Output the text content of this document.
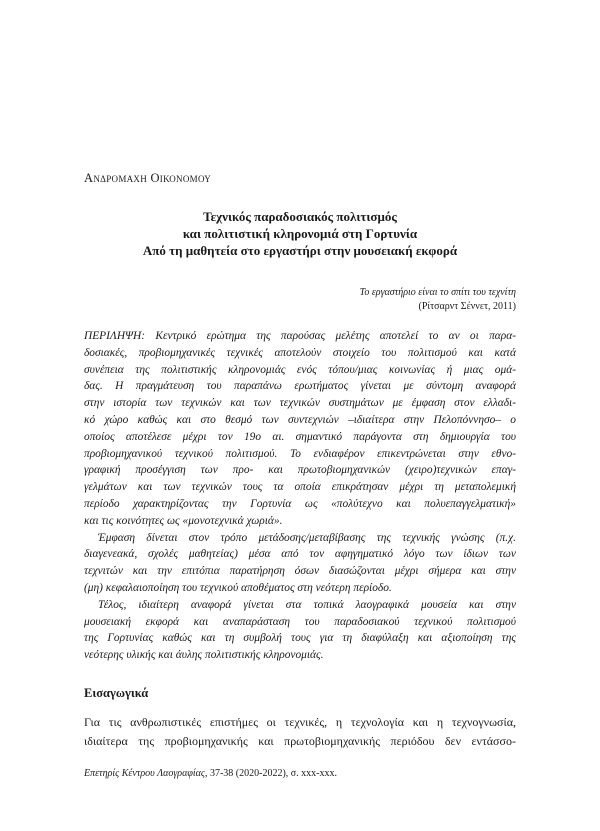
Ανδρομαχη Οικονομου
Τεχνικός παραδοσιακός πολιτισμός
και πολιτιστική κληρονομιά στη Γορτυνία
Από τη μαθητεία στο εργαστήρι στην μουσειακή εκφορά
Το εργαστήριο είναι το σπίτι του τεχνίτη
(Ρίτσαρντ Σέννετ, 2011)
ΠΕΡΙΛΗΨΗ: Κεντρικό ερώτημα της παρούσας μελέτης αποτελεί το αν οι παρα-
δοσιακές, προβιομηχανικές τεχνικές αποτελούν στοιχείο του πολιτισμού και κατά
συνέπεια της πολιτιστικής κληρονομιάς ενός τόπου/μιας κοινωνίας ή μιας ομά-
δας. Η πραγμάτευση του παραπάνω ερωτήματος γίνεται με σύντομη αναφορά
στην ιστορία των τεχνικών και των τεχνικών συστημάτων με έμφαση στον ελλαδι-
κό χώρο καθώς και στο θεσμό των συντεχνιών –ιδιαίτερα στην Πελοπόννησο– ο
οποίος αποτέλεσε μέχρι τον 19ο αι. σημαντικό παράγοντα στη δημιουργία του
προβιομηχανικού τεχνικού πολιτισμού. Το ενδιαφέρον επικεντρώνεται στην εθνο-
γραφική προσέγγιση των προ- και πρωτοβιομηχανικών (χειρο)τεχνικών επαγ-
γελμάτων και των τεχνικών τους τα οποία επικράτησαν μέχρι τη μεταπολεμική
περίοδο χαρακτηρίζοντας την Γορτυνία ως «πολύτεχνο και πολυεπαγγελματική»
και τις κοινότητες ως «μονοτεχνικά χωριά».
Έμφαση δίνεται στον τρόπο μετάδοσης/μεταβίβασης της τεχνικής γνώσης (π.χ.
διαγενεακά, σχολές μαθητείας) μέσα από τον αφηγηματικό λόγο των ίδιων των
τεχνιτών και την επιτόπια παρατήρηση όσων διασώζονται μέχρι σήμερα και στην
(μη) κεφαλαιοποίηση του τεχνικού αποθέματος στη νεότερη περίοδο.
Τέλος, ιδιαίτερη αναφορά γίνεται στα τοπικά λαογραφικά μουσεία και στην
μουσειακή εκφορά και αναπαράσταση του παραδοσιακού τεχνικού πολιτισμού
της Γορτυνίας καθώς και τη συμβολή τους για τη διαφύλαξη και αξιοποίηση της
νεότερης υλικής και άυλης πολιτιστικής κληρονομιάς.
Εισαγωγικά
Για τις ανθρωπιστικές επιστήμες οι τεχνικές, η τεχνολογία και η τεχνογνωσία,
ιδιαίτερα της προβιομηχανικής και πρωτοβιομηχανικής περιόδου δεν εντάσσο-
Επετηρίς Κέντρου Λαογραφίας, 37-38 (2020-2022), σ. xxx-xxx.
